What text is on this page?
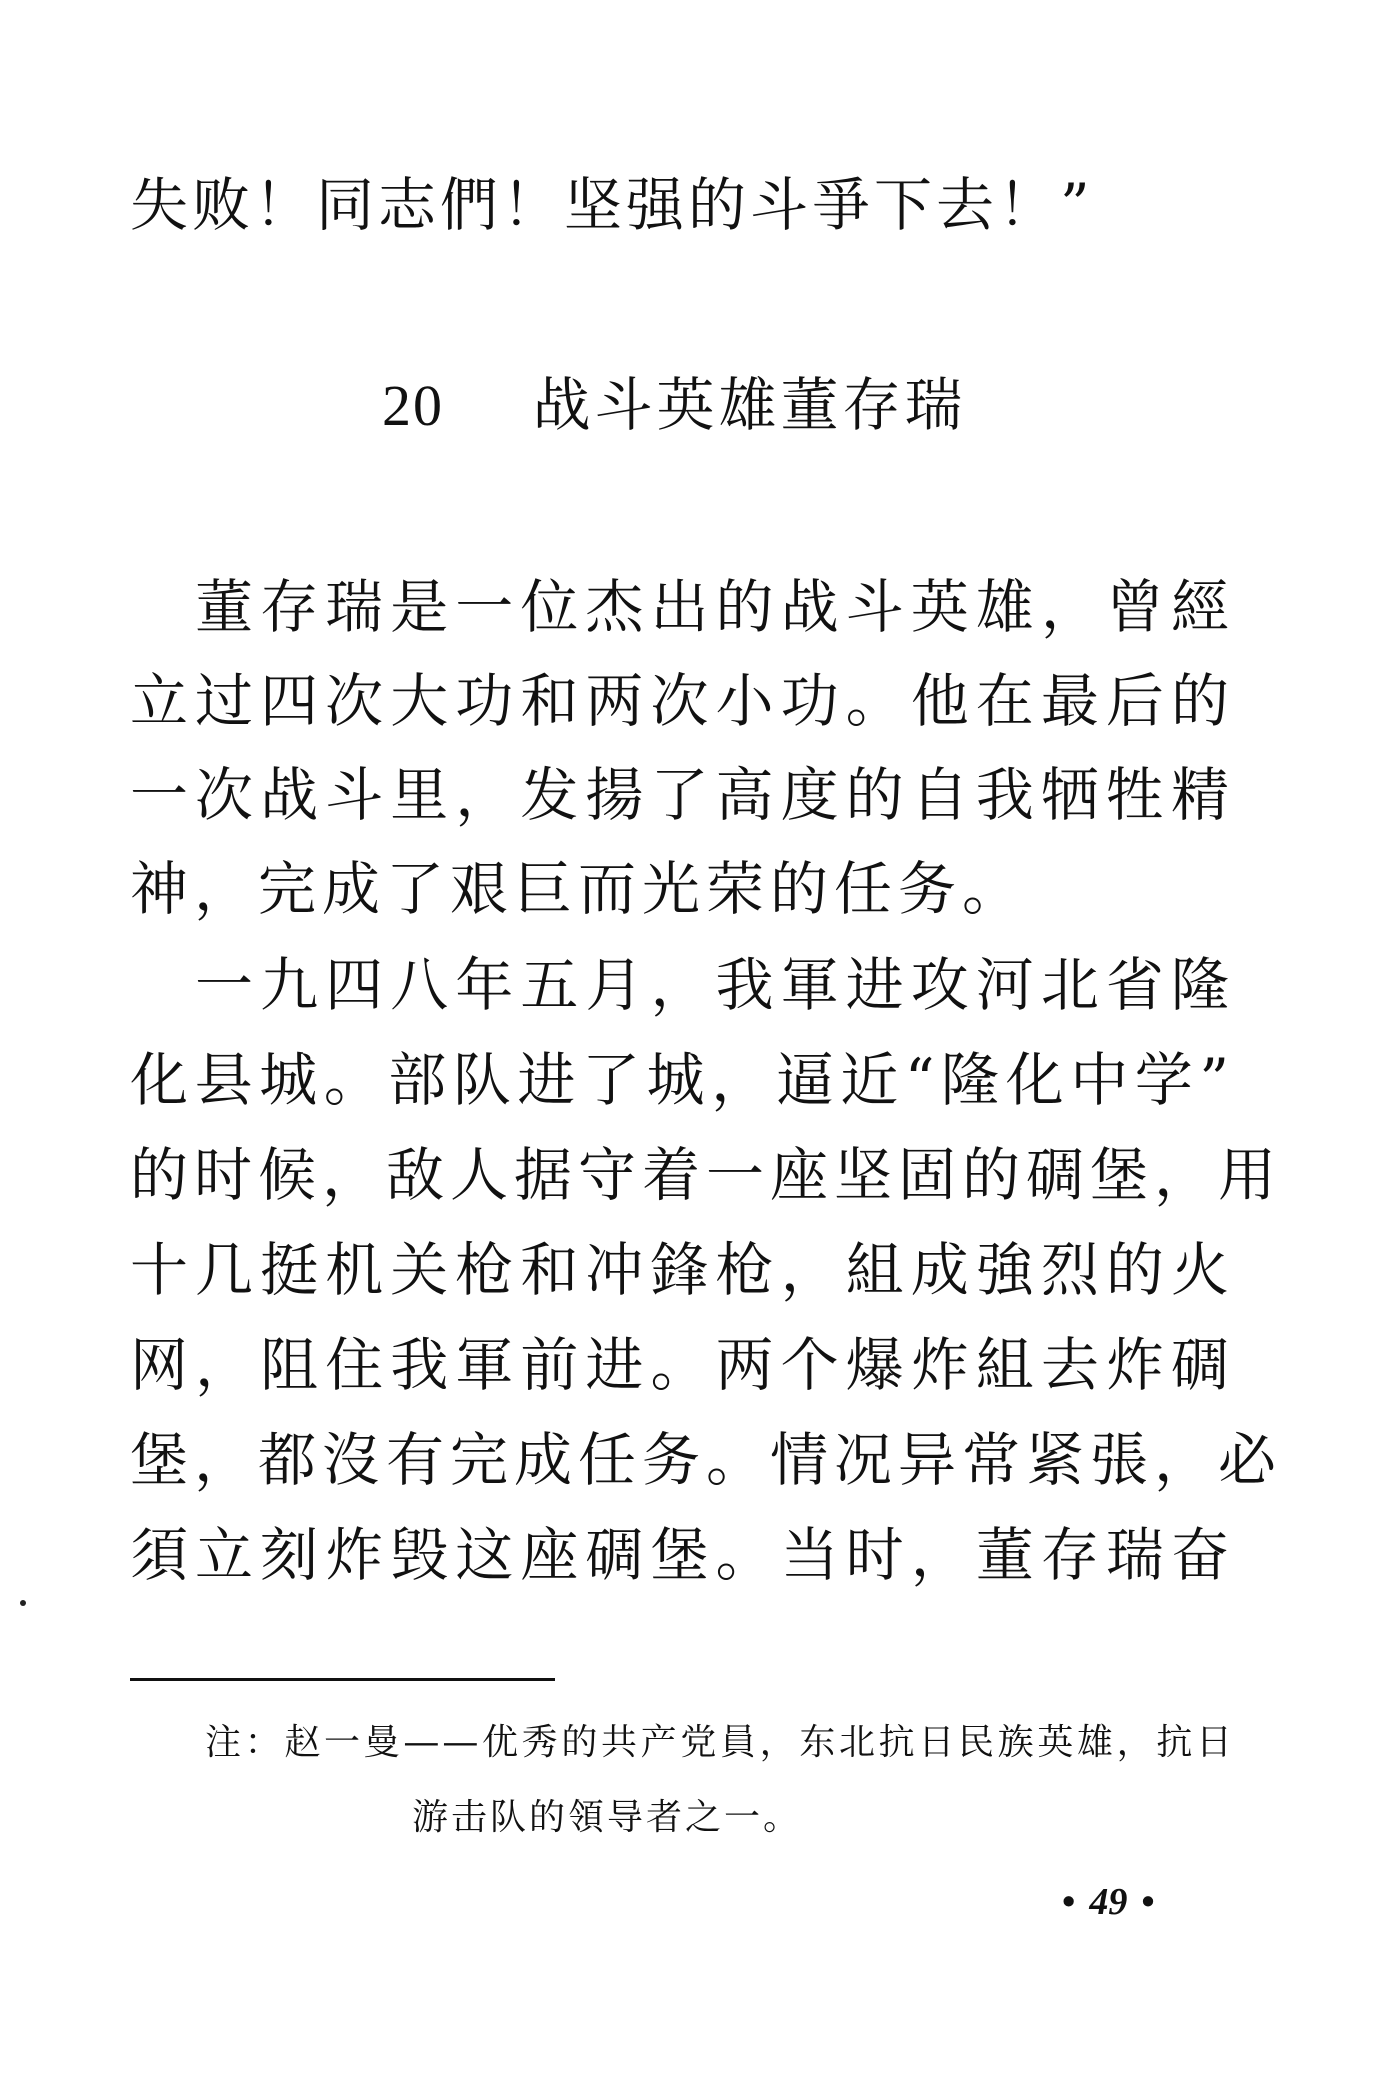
失败！同志們！坚强的斗爭下去！”
20 战斗英雄董存瑞
董存瑞是一位杰出的战斗英雄，曾經
立过四次大功和两次小功。他在最后的
一次战斗里，发揚了高度的自我牺牲精
神，完成了艰巨而光荣的任务。
一九四八年五月，我軍进攻河北省隆
化县城。部队进了城，逼近“隆化中学”
的时候，敌人据守着一座坚固的碉堡，用
十几挺机关枪和冲鋒枪，組成強烈的火
网，阻住我軍前进。两个爆炸組去炸碉
堡，都沒有完成任务。情况异常紧張，必
須立刻炸毁这座碉堡。当时，董存瑞奋
注：赵一曼——优秀的共产党員，东北抗日民族英雄，抗日
游击队的領导者之一。
• 49 •
